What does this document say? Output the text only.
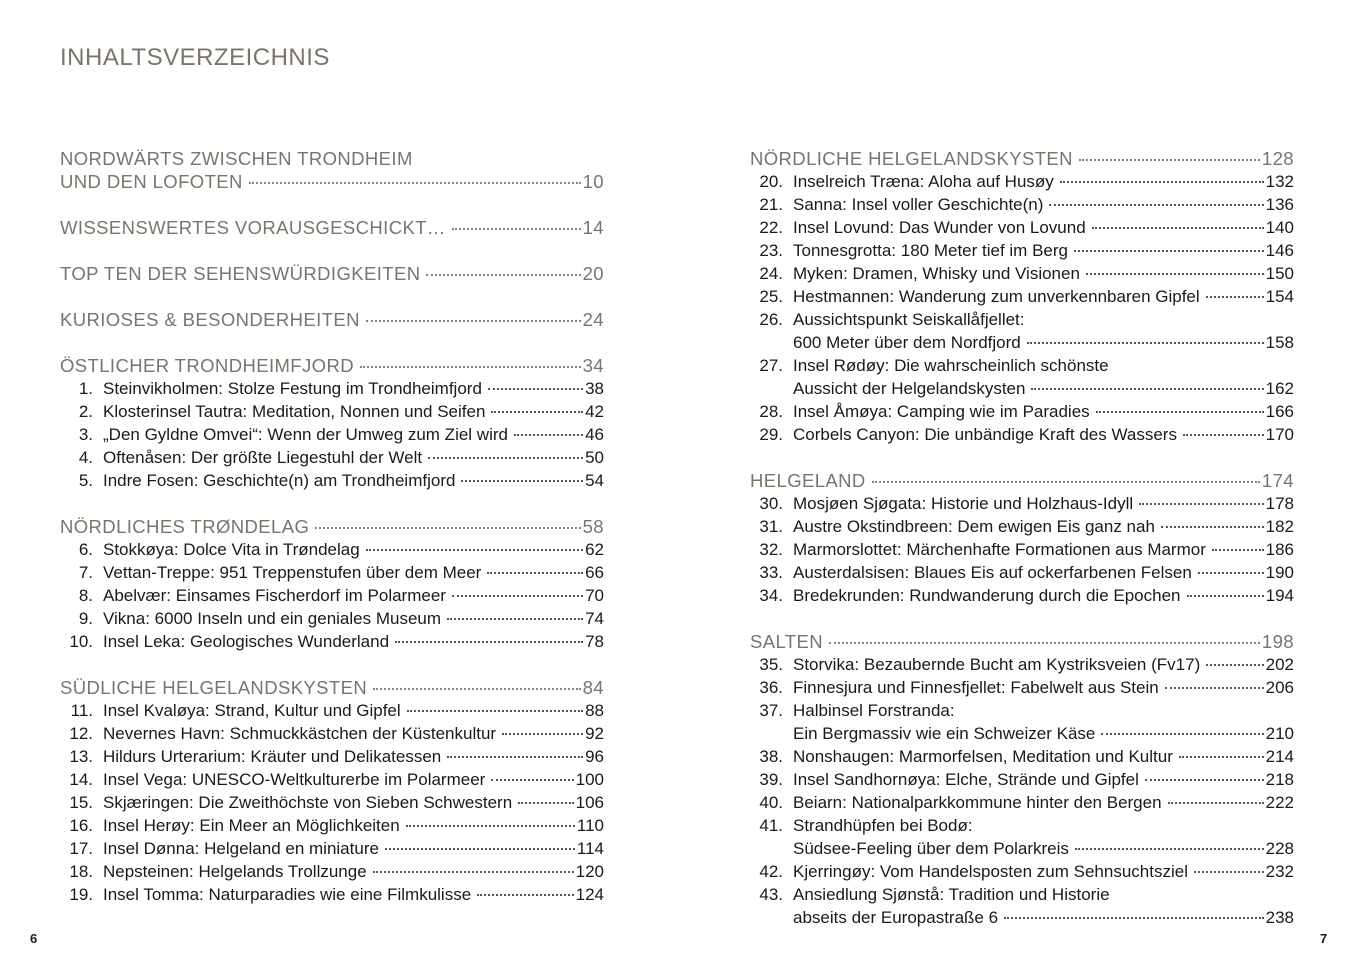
INHALTSVERZEICHNIS
NORDWÄRTS ZWISCHEN TRONDHEIM
UND DEN LOFOTEN	10
WISSENSWERTES VORAUSGESCHICKT…	14
TOP TEN DER SEHENSWÜRDIGKEITEN	20
KURIOSES & BESONDERHEITEN	24
ÖSTLICHER TRONDHEIMFJORD	34
1. Steinvikholmen: Stolze Festung im Trondheimfjord	38
2. Klosterinsel Tautra: Meditation, Nonnen und Seifen	42
3. „Den Gyldne Omvei“: Wenn der Umweg zum Ziel wird	46
4. Oftenåsen: Der größte Liegestuhl der Welt	50
5. Indre Fosen: Geschichte(n) am Trondheimfjord	54
NÖRDLICHES TRØNDELAG	58
6. Stokkøya: Dolce Vita in Trøndelag	62
7. Vettan-Treppe: 951 Treppenstufen über dem Meer	66
8. Abelvær: Einsames Fischerdorf im Polarmeer	70
9. Vikna: 6000 Inseln und ein geniales Museum	74
10. Insel Leka: Geologisches Wunderland	78
SÜDLICHE HELGELANDSKYSTEN	84
11. Insel Kvaløya: Strand, Kultur und Gipfel	88
12. Nevernes Havn: Schmuckkästchen der Küstenkultur	92
13. Hildurs Urterarium: Kräuter und Delikatessen	96
14. Insel Vega: UNESCO-Weltkulturerbe im Polarmeer	100
15. Skjæringen: Die Zweithöchste von Sieben Schwestern	106
16. Insel Herøy: Ein Meer an Möglichkeiten	110
17. Insel Dønna: Helgeland en miniature	114
18. Nepsteinen: Helgelands Trollzunge	120
19. Insel Tomma: Naturparadies wie eine Filmkulisse	124
NÖRDLICHE HELGELANDSKYSTEN	128
20. Inselreich Træna: Aloha auf Husøy	132
21. Sanna: Insel voller Geschichte(n)	136
22. Insel Lovund: Das Wunder von Lovund	140
23. Tonnesgrotta: 180 Meter tief im Berg	146
24. Myken: Dramen, Whisky und Visionen	150
25. Hestmannen: Wanderung zum unverkennbaren Gipfel	154
26. Aussichtspunkt Seiskallåfjellet:
600 Meter über dem Nordfjord	158
27. Insel Rødøy: Die wahrscheinlich schönste
Aussicht der Helgelandskysten	162
28. Insel Åmøya: Camping wie im Paradies	166
29. Corbels Canyon: Die unbändige Kraft des Wassers	170
HELGELAND	174
30. Mosjøen Sjøgata: Historie und Holzhaus-Idyll	178
31. Austre Okstindbreen: Dem ewigen Eis ganz nah	182
32. Marmorslottet: Märchenhafte Formationen aus Marmor	186
33. Austerdalsisen: Blaues Eis auf ockerfarbenen Felsen	190
34. Bredekrunden: Rundwanderung durch die Epochen	194
SALTEN	198
35. Storvika: Bezaubernde Bucht am Kystriksveien (Fv17)	202
36. Finnesjura und Finnesfjellet: Fabelwelt aus Stein	206
37. Halbinsel Forstranda:
Ein Bergmassiv wie ein Schweizer Käse	210
38. Nonshaugen: Marmorfelsen, Meditation und Kultur	214
39. Insel Sandhornøya: Elche, Strände und Gipfel	218
40. Beiarn: Nationalparkkommune hinter den Bergen	222
41. Strandhüpfen bei Bodø:
Südsee-Feeling über dem Polarkreis	228
42. Kjerringøy: Vom Handelsposten zum Sehnsuchtsziel	232
43. Ansiedlung Sjønstå: Tradition und Historie
abseits der Europastraße 6	238
6	7
